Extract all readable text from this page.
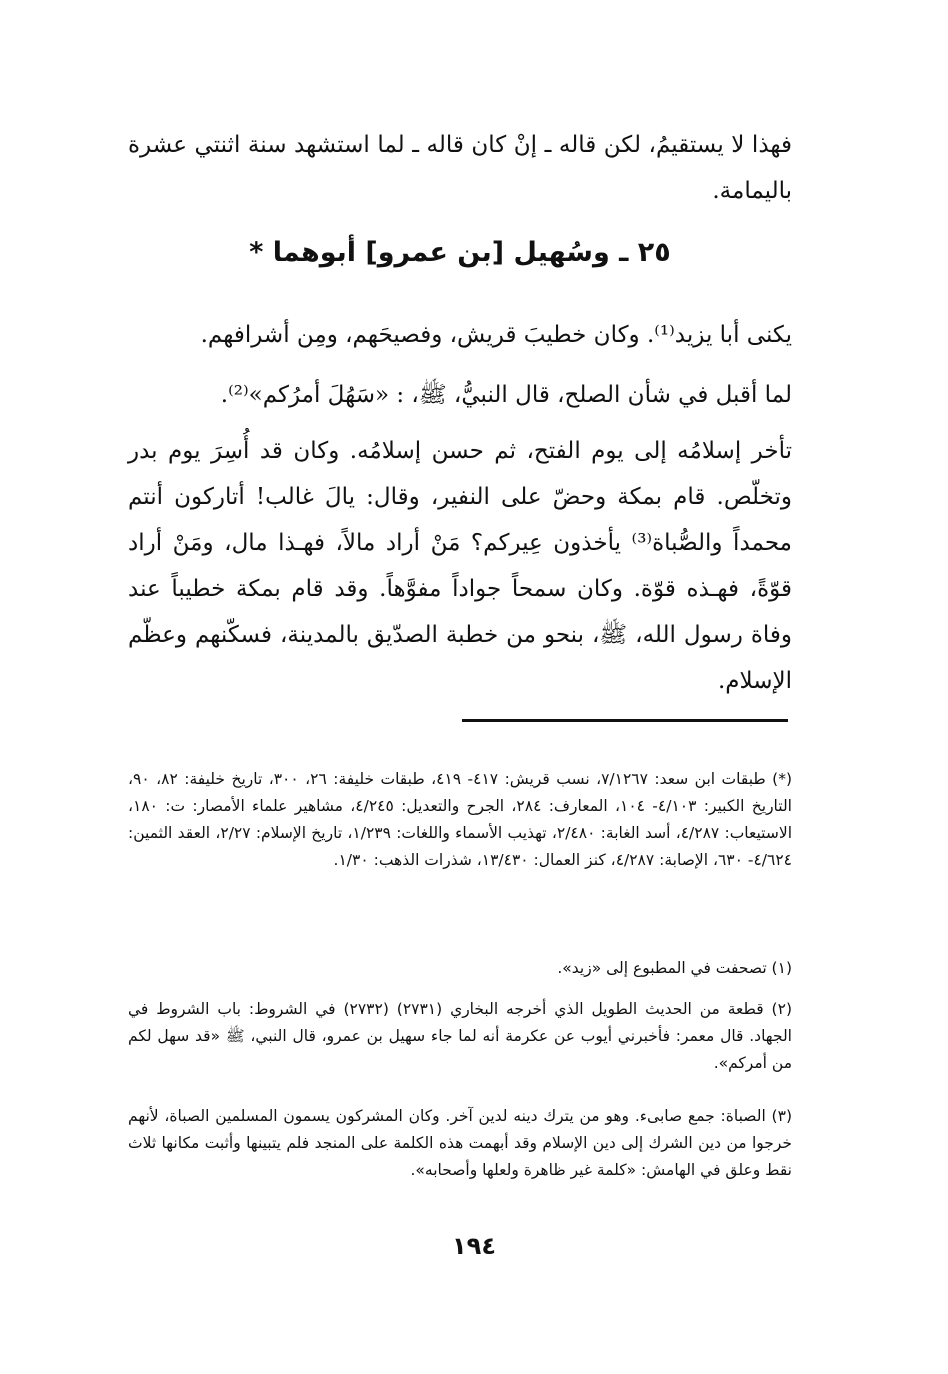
فهذا لا يستقيمُ، لكن قاله ـ إنْ كان قاله ـ لما استشهد سنة اثنتي عشرة باليمامة.

٢٥ ـ وسُهيل [بن عمرو] أبوهما *

يكنى أبا يزيد⁽¹⁾. وكان خطيبَ قريش، وفصيحَهم، ومِن أشرافهم.

لما أقبل في شأن الصلح، قال النبيُّ، ﷺ، : «سَهُلَ أمرُكم»⁽²⁾.

تأخر إسلامُه إلى يوم الفتح، ثم حسن إسلامُه. وكان قد أُسِرَ يوم بدر وتخلّص. قام بمكة وحضّ على النفير، وقال: يالَ غالب! أتاركون أنتم محمداً والصُّباة⁽³⁾ يأخذون عِيركم؟ مَنْ أراد مالاً، فهـذا مال، ومَنْ أراد قوّةً، فهـذه قوّة. وكان سمحاً جواداً مفوَّهاً. وقد قام بمكة خطيباً عند وفاة رسول الله، ﷺ، بنحو من خطبة الصدّيق بالمدينة، فسكّنهم وعظّم الإسلام.

(*) طبقات ابن سعد: ٧/١٢٦٧، نسب قريش: ٤١٧- ٤١٩، طبقات خليفة: ٢٦، ٣٠٠، تاريخ خليفة: ٨٢، ٩٠، التاريخ الكبير: ٤/١٠٣- ١٠٤، المعارف: ٢٨٤، الجرح والتعديل: ٤/٢٤٥، مشاهير علماء الأمصار: ت: ١٨٠، الاستيعاب: ٤/٢٨٧، أسد الغابة: ٢/٤٨٠، تهذيب الأسماء واللغات: ١/٢٣٩، تاريخ الإسلام: ٢/٢٧، العقد الثمين: ٤/٦٢٤- ٦٣٠، الإصابة: ٤/٢٨٧، كنز العمال: ١٣/٤٣٠، شذرات الذهب: ١/٣٠.

(١) تصحفت في المطبوع إلى «زيد».

(٢) قطعة من الحديث الطويل الذي أخرجه البخاري (٢٧٣١) (٢٧٣٢) في الشروط: باب الشروط في الجهاد. قال معمر: فأخبرني أيوب عن عكرمة أنه لما جاء سهيل بن عمرو، قال النبي، ﷺ «قد سهل لكم من أمركم».

(٣) الصباة: جمع صابىء. وهو من يترك دينه لدين آخر. وكان المشركون يسمون المسلمين الصباة، لأنهم خرجوا من دين الشرك إلى دين الإسلام وقد أبهمت هذه الكلمة على المنجد فلم يتبينها وأثبت مكانها ثلاث نقط وعلق في الهامش: «كلمة غير ظاهرة ولعلها وأصحابه».

١٩٤
